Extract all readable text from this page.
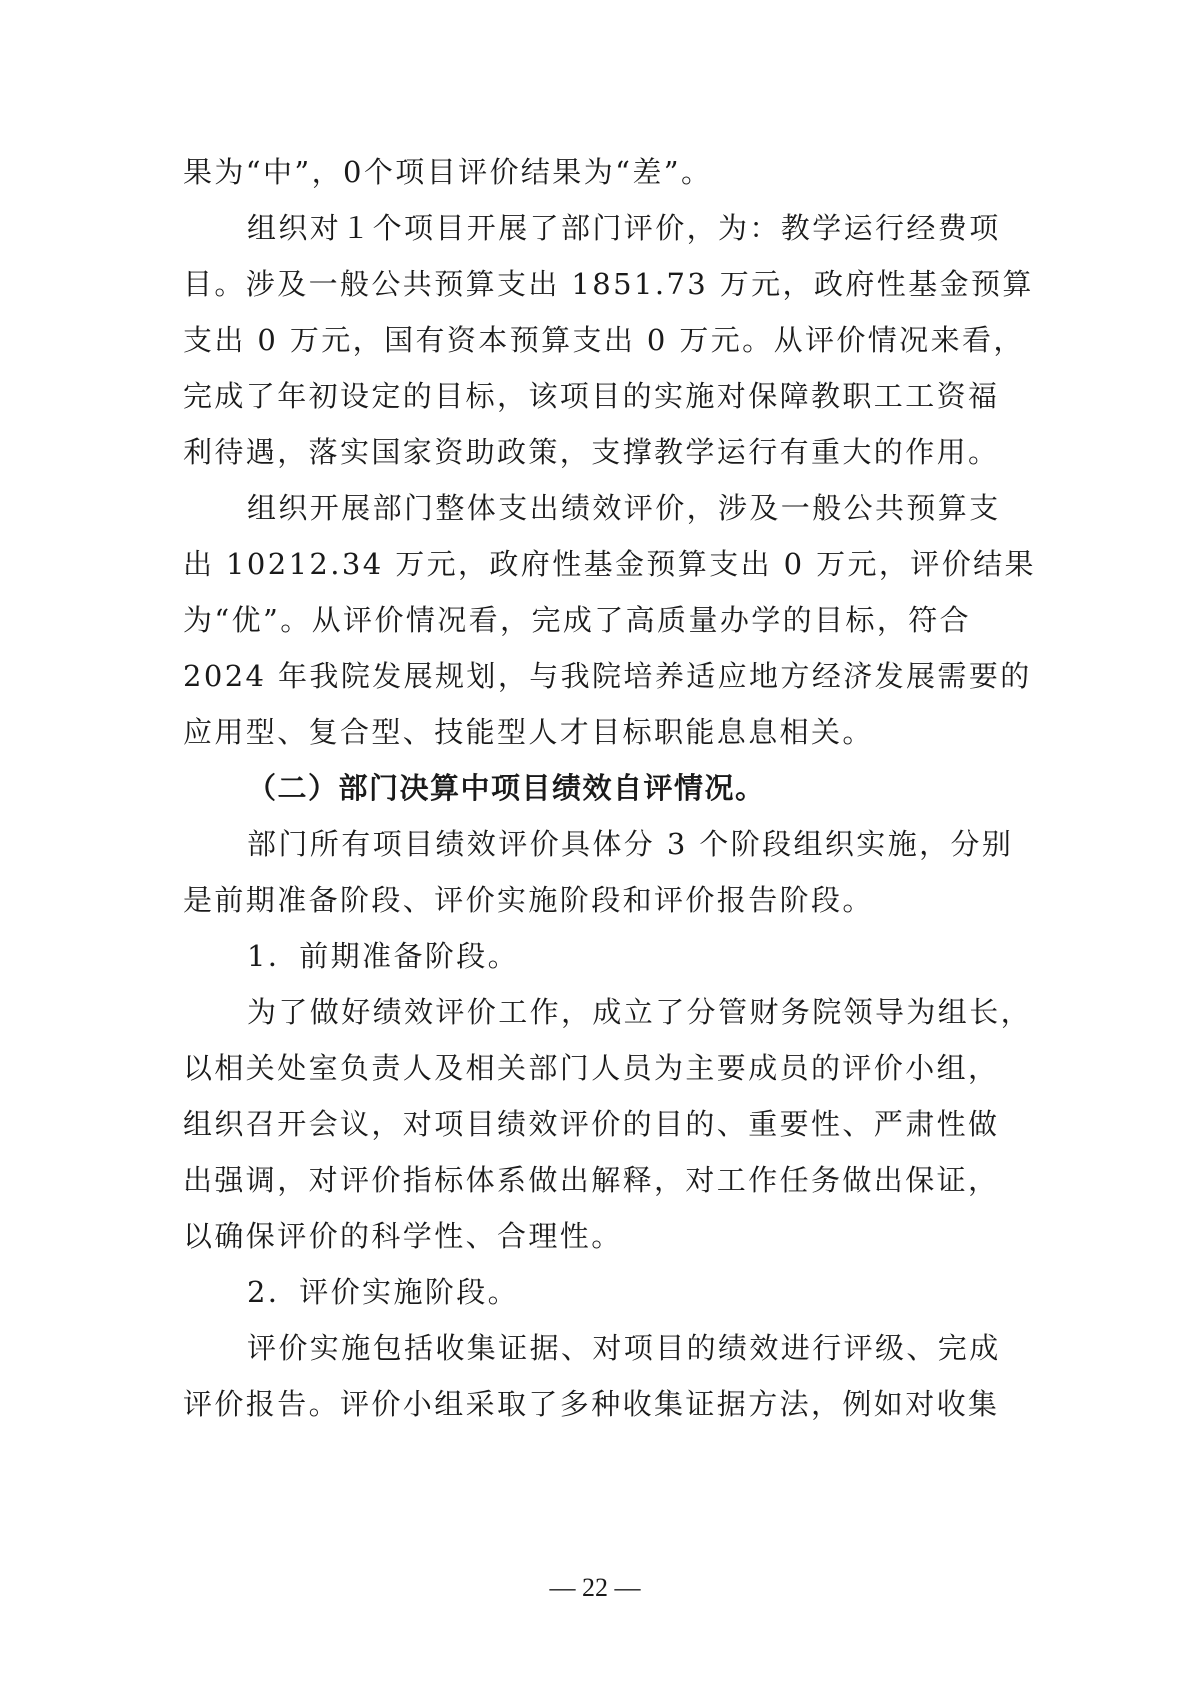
果为“中”，0个项目评价结果为“差”。
组织对１个项目开展了部门评价，为：教学运行经费项
目。涉及一般公共预算支出 1851.73 万元，政府性基金预算
支出 0 万元，国有资本预算支出 0 万元。从评价情况来看，
完成了年初设定的目标，该项目的实施对保障教职工工资福
利待遇，落实国家资助政策，支撑教学运行有重大的作用。
组织开展部门整体支出绩效评价，涉及一般公共预算支
出 10212.34 万元，政府性基金预算支出 0 万元，评价结果
为“优”。从评价情况看，完成了高质量办学的目标，符合
2024 年我院发展规划，与我院培养适应地方经济发展需要的
应用型、复合型、技能型人才目标职能息息相关。
（二）部门决算中项目绩效自评情况。
部门所有项目绩效评价具体分 3 个阶段组织实施，分别
是前期准备阶段、评价实施阶段和评价报告阶段。
1．前期准备阶段。
为了做好绩效评价工作，成立了分管财务院领导为组长，
以相关处室负责人及相关部门人员为主要成员的评价小组，
组织召开会议，对项目绩效评价的目的、重要性、严肃性做
出强调，对评价指标体系做出解释，对工作任务做出保证，
以确保评价的科学性、合理性。
2．评价实施阶段。
评价实施包括收集证据、对项目的绩效进行评级、完成
评价报告。评价小组采取了多种收集证据方法，例如对收集
— 22 —
